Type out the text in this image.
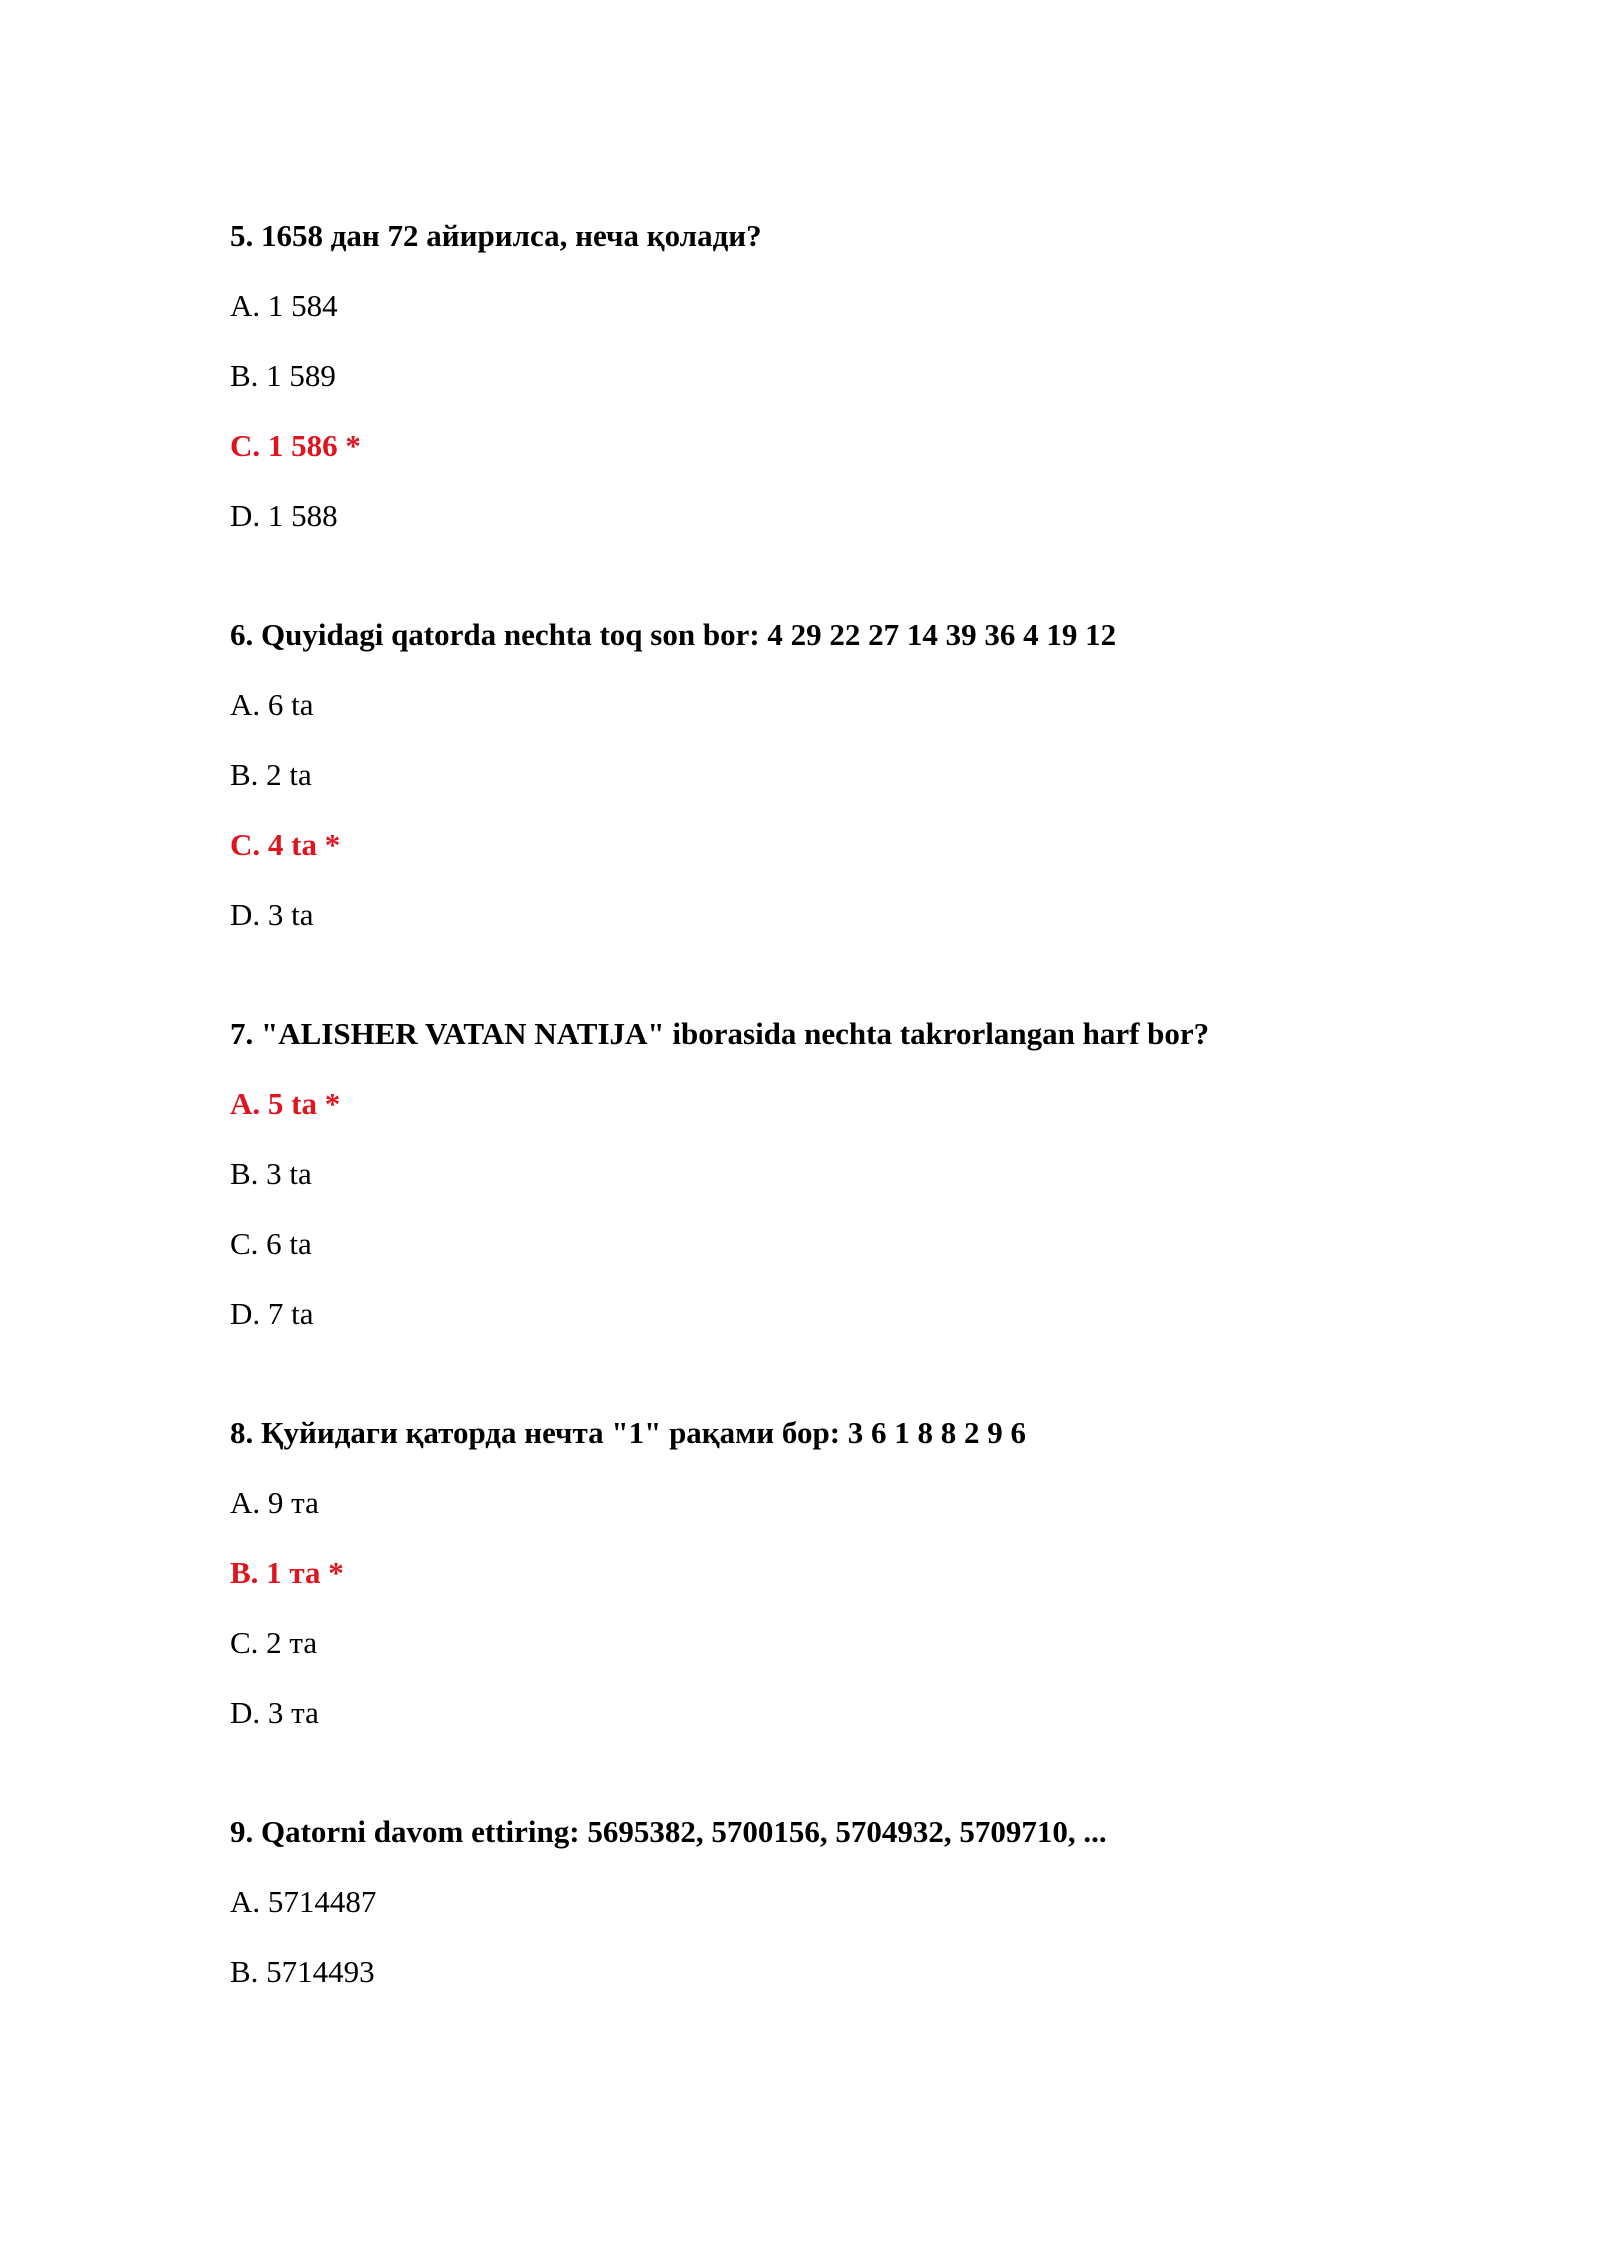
5. 1658 дан 72 айирилса, неча қолади?
A. 1 584
B. 1 589
C. 1 586 *
D. 1 588
6. Quyidagi qatorda nechta toq son bor: 4 29 22 27 14 39 36 4 19 12
A. 6 ta
B. 2 ta
C. 4 ta *
D. 3 ta
7. "ALISHER VATAN NATIJA" iborasida nechta takrorlangan harf bor?
A. 5 ta *
B. 3 ta
C. 6 ta
D. 7 ta
8. Қуйидаги қаторда нечта "1" рақами бор: 3 6 1 8 8 2 9 6
A. 9 та
B. 1 та *
C. 2 та
D. 3 та
9. Qatorni davom ettiring: 5695382, 5700156, 5704932, 5709710, ...
A. 5714487
B. 5714493
